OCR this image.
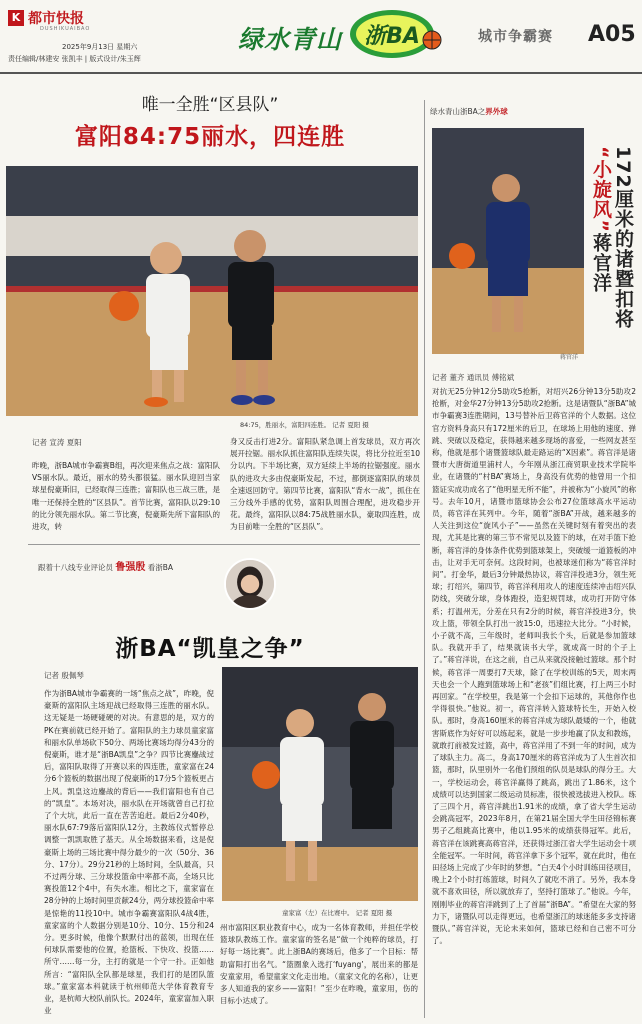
K 都市快报
DUSHIKUAIBAO
2025年9月13日 星期六
责任编辑/林建安 张凯丰 | 版式设计/朱玉辉
绿水青山 浙BA	城市争霸赛 A05
唯一全胜“区县队”
富阳84:75丽水，四连胜
84:75，胜丽水，富阳四连胜。 记者 夏阳 摄
记者 宣涛 夏阳
昨晚，浙BA城市争霸赛B组，再次迎来焦点之战：富阳队VS丽水队。最近，丽水的势头都很猛。丽水队迎回当家球星倪豪斯旧，已经取得三连胜；富阳队也三战三胜，是唯一还保持全胜的“区县队”。首节比赛，富阳队以29:10的比分领先丽水队。第二节比赛，倪豪斯先所下富阳队的进攻，转
身又反击打进2分。富阳队紧急调上首发球员，双方再次展开拉锯。丽水队抓住富阳队连续失误，将比分拉近至10分以内。下半场比赛，双方延续上半场的拉锯强度。丽水队的进攻大多由倪豪斯发起，不过，都倒逐富阳队的球员全速返回防守。第四节比赛，富阳队“背水一战”，抓住在三分线外手感的优势，富阳队周围合理配，进攻稳步开花。最终，富阳队以84:75战胜丽水队，豪取四连胜，成为目前唯一全胜的“区县队”。
跟着十八线专业评论员 鲁强殷 看浙BA
浙BA“凯皇之争”
记者 殷佩琴
作为浙BA城市争霸赛的一场“焦点之战”，昨晚，倪豪斯的富阳队主场迎战已经取得三连胜的丽水队。这无疑是一场硬碰硬的对决。有意思的是，双方的PK在赛前就已经开始了。富阳队的主力球员童家富和丽水队单场砍下50分、两场比赛场均得分43分的倪豪斯，谁才是“浙BA凯皇”之争？四节比赛鏖战过后，富阳队取得了开赛以来的四连胜，童家富在24分6个篮板的数据出现了倪豪斯的17分5个篮板更占上风。凯皇这边鏖战的背后——我们富阳也有自己的“凯皇”。本场对决，丽水队在开场就曾自己打拉了个大坑，此后一直在苦苦追赶。最后2分40秒，丽水队67:79落后富阳队12分，主教练仪式暂停总调整一凯凯取胜了基天。从全场数据来看，这是倪豪斯上场的三场比赛中得分最少的一次（50分、36分、17分）。29分21秒的上场时间，全队最高，只不过两分球、三分球投篮命中率都不高，全场只比赛投篮12个4中，有失水准。相比之下，童家富在28分钟的上场时间里贡献24分，两分球投篮命中率是惊艳的11投10中。城市争霸赛富阳队4战4胜，童家富的个人数据分别是10分、10分、15分和24分。更多时候，他像个默默付出的蓝领，出现在任何球队需要他的位置，抢篮板、下快攻、投篮……所守……每一分，主打的就是一个守一扑。正如他所言：“富阳队全队都是球星，我们打的是团队篮球。”童家富本科就读于杭州师范大学体育教育专业，是杭师大校队前队长。2024年，童家富加入职业
童家富（左）在比赛中。 记者 夏阳 摄
州市富阳区职业教育中心，成为一名体育教师，并担任学校篮球队教练工作。童家富的签名是“做一个纯粹的球员，打好每一场比赛”。此上浙BA的赛场后，他多了一个目标：帮助富阳打出名气。“篮圈象入选打‘fuyang’，展出来的都是安童家用，希望童家文化走出地。（童家文化的名称），让更多人知道我的家乡——富阳！”至少在昨晚，童家用，伤的目标小达成了。
绿水青山浙BA之界外球
172厘米的诸暨扣将
“小旋风”蒋官洋
蒋官洋
记者 董齐 通讯员 傅铭斌
对抗无25分钟12分5助攻5抢断，对绍兴26分钟13分5助攻2抢断，对金华27分钟13分5助攻2抢断。这是诸暨队“浙BA”城市争霸赛3连胜期间，13号替补后卫蒋官洋的个人数据。这位官方资料身高只有172厘米的后卫，在球场上用他的速度、弹跳、突破以及稳定，获得越来越多现场的喜爱，一些网友甚至称，他就是那个诸暨篮球队最走路运的“X因素”。蒋官洋是诸暨市大唐街道里浦村人，今年刚从浙江商贸职业技术学院毕业，在诸暨的“村BA”赛场上，身高没有优势的他曾用一个扣篮证实成功成名了“他明星无所不能”，并被称为“小旋风”的称号。去年10月，诸暨市篮球协会公布27位篮球高水平运动员，蒋官洋在其列中。今年，随着“浙BA”开战，越来越多的人关注到这位“旋风小子”——虽然在关键时刻有着突出的表现，尤其是比赛的第三节不常见以及篮下的球，在对手篮下抢断，蒋官洋的身体条件优势到篮球架上，突破缓一道篮板的冲击，让对手无可奈何。这段时间，也被球迷们称为“蒋官洋时间”。打金华，最后3分钟最热协议，蒋官洋投进3分，领生死球；打绍兴，第四节，蒋官洋利用攻人的速度连续冲击绍兴队防线，突破分球，身体跑投，造犯规罚球，成功打开防守体系；打温州无，分差在只有2分的时候，蒋官洋投进3分，快攻上篮，带领全队打出一波15:0，迅速拉大比分。“小时候，小子就不高，三年级时，老师叫我长个头，后就是参加篮球队。我就开手了，结果就读书大学，就成高一时的个子上了。”蒋官洋说，在这之前，自己从来就没接触过篮球。那个时候，蒋官洋一周要打7天球，除了在学校训练的5天，周末两天也会一个人跑到篮球场上和“老孩”们组比赛，打上两三小时再回家。“在学校里，我是第一个会扣下运球的，其他你作也学得很快。”他说。初一，蒋官洋转入篮球特长生，开始入校队。那时，身高160厘米的蒋官洋成为球队最矮的一个，他就害斯底作为好好可以练起来，就是一步步地赢了队友和教练，就敢打前被发过篮，高中，蒋官洋用了不到一年的时间，成为了球队主力。高二，身高170厘米的蒋官洋成为了人生首次扣篮，那时，队里别外一名他们预组的队员是球队的得分王。大一，学校运动会，蒋官洋赢得了跳高，跳出了1.86米，这个成绩可以达到国家二级运动员标准，很快被选拔进入校队。练了三四个月，蒋官洋跳出1.91米的成绩，拿了省大学生运动会跳高冠军，2023年8月，在第21届全国大学生田径锦标赛男子乙组跳高比赛中，他以1.95米的成绩获得冠军。此后，蒋官洋在该跳赛高蒋官洋，还获得过浙江省大学生运动会十项全能冠军。一年时间，蒋官洋拿下多个冠军，就在此时，他在田径场上完成了少年时的梦想。“白天4个小时训练田径项目，晚上2个小时打练篮球，时间久了就吃不消了。另外，我本身就不喜欢田径，所以就放弃了，坚持打篮球了。”他说。今年，刚刚毕业的蒋官洋跳到了上了首届“浙BA”。“希望在大家的努力下，诸暨队可以走得更远，也希望浙江的球迷能多多支持诸暨队。”蒋官洋说，无论未来如何，篮球已经和自己密不可分了。
